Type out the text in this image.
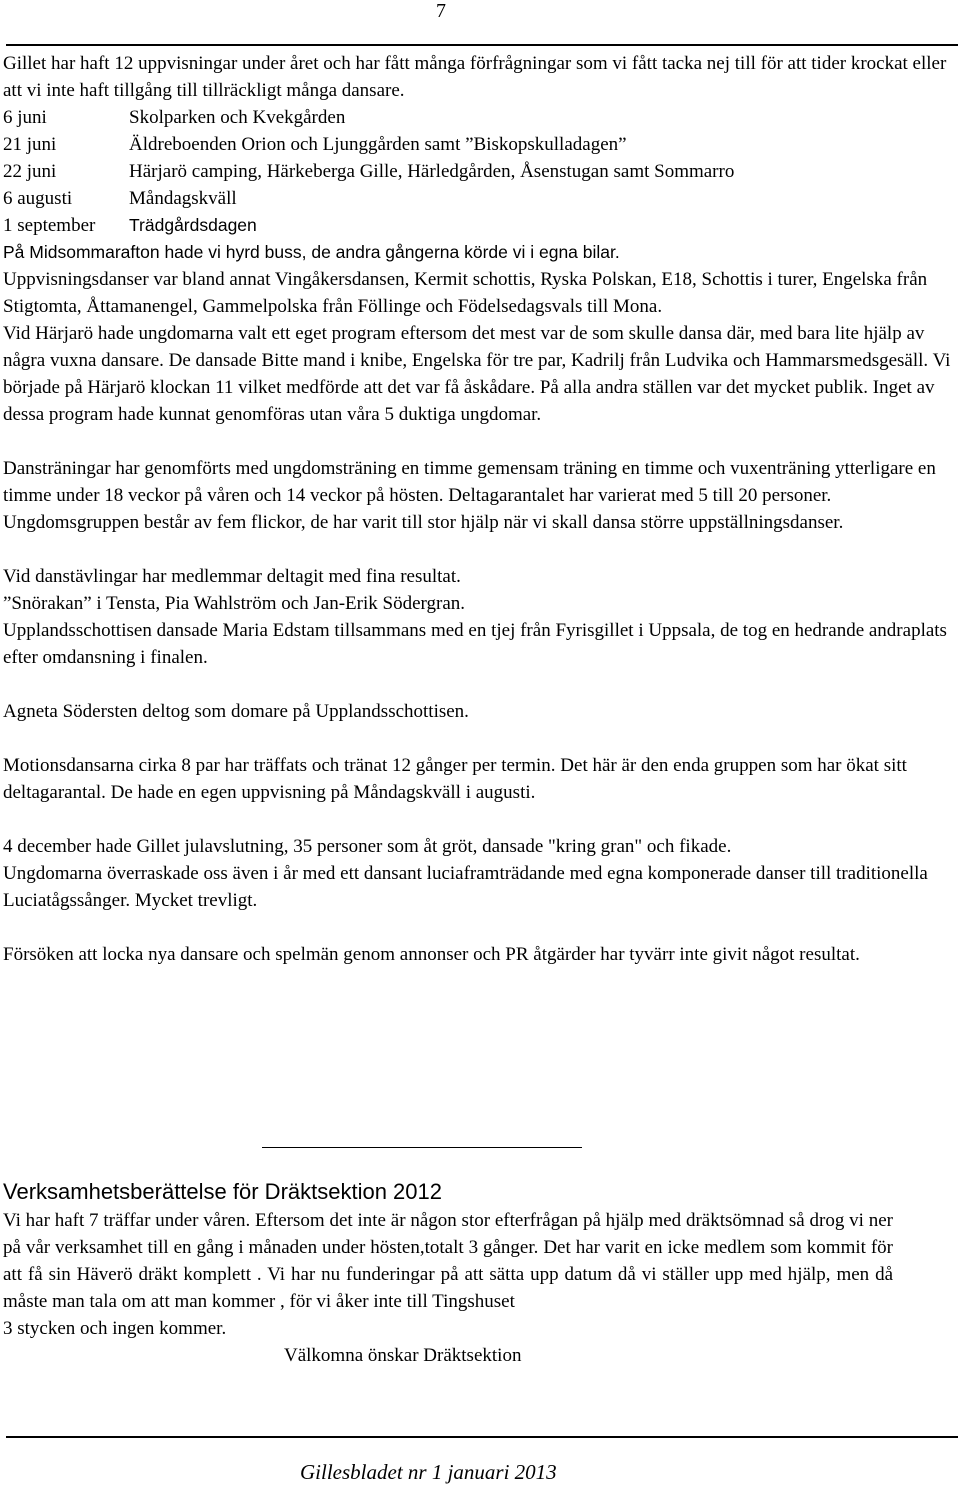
7

Gillet har haft 12 uppvisningar under året och har fått många förfrågningar som vi fått tacka nej till för att tider krockat eller att vi inte haft tillgång till tillräckligt många dansare.

6 juni	Skolparken och Kvekgården
21 juni	Äldreboenden Orion och Ljunggården samt ”Biskopskulladagen”
22 juni	Härjarö camping, Härkeberga Gille, Härledgården, Åsenstugan samt Sommarro
6 augusti	Måndagskväll
1 september	Trädgårdsdagen

På Midsommarafton hade vi hyrd buss, de andra gångerna körde vi i egna bilar.

Uppvisningsdanser var bland annat Vingåkersdansen, Kermit schottis, Ryska Polskan, E18, Schottis i turer, Engelska från Stigtomta, Åttamanengel, Gammelpolska från Föllinge och Födelsedagsvals till Mona.

Vid Härjarö hade ungdomarna valt ett eget program eftersom det mest var de som skulle dansa där, med bara lite hjälp av några vuxna dansare. De dansade Bitte mand i knibe, Engelska för tre par, Kadrilj från Ludvika och Hammarsmedsgesäll. Vi började på Härjarö klockan 11 vilket medförde att det var få åskådare. På alla andra ställen var det mycket publik. Inget av dessa program hade kunnat genomföras utan våra 5 duktiga ungdomar.

Dansträningar har genomförts med ungdomsträning en timme gemensam träning en timme och vuxenträning ytterligare en timme under 18 veckor på våren och 14 veckor på hösten. Deltagarantalet har varierat med 5 till 20 personer. Ungdomsgruppen består av fem flickor, de har varit till stor hjälp när vi skall dansa större uppställningsdanser.

Vid danstävlingar har medlemmar deltagit med fina resultat.

”Snörakan” i Tensta, Pia Wahlström och Jan-Erik Södergran.

Upplandsschottisen dansade Maria Edstam tillsammans med en tjej från Fyrisgillet i Uppsala, de tog en hedrande andraplats efter omdansning i finalen.

Agneta Södersten deltog som domare på Upplandsschottisen.

Motionsdansarna cirka 8 par har träffats och tränat 12 gånger per termin. Det här är den enda gruppen som har ökat sitt deltagarantal. De hade en egen uppvisning på Måndagskväll i augusti.

4 december hade Gillet julavslutning, 35 personer som åt gröt, dansade "kring gran" och fikade.

Ungdomarna överraskade oss även i år med ett dansant luciaframträdande med egna komponerade danser till traditionella Luciatågssånger. Mycket trevligt.

Försöken att locka nya dansare och spelmän genom annonser och PR åtgärder har tyvärr inte givit något resultat.

Verksamhetsberättelse för Dräktsektion 2012

Vi har haft 7 träffar under våren. Eftersom det inte är någon stor efterfrågan på hjälp med dräktsömnad så drog vi ner på vår verksamhet till en gång i månaden under hösten,totalt 3 gånger. Det har varit en icke medlem som kommit för att få sin Häverö dräkt komplett . Vi har nu funderingar på att sätta upp datum då vi ställer upp med hjälp, men då måste man tala om att man kommer , för vi åker inte till Tingshuset

3 stycken och ingen kommer.

Välkomna önskar Dräktsektion

Gillesbladet nr 1 januari 2013
